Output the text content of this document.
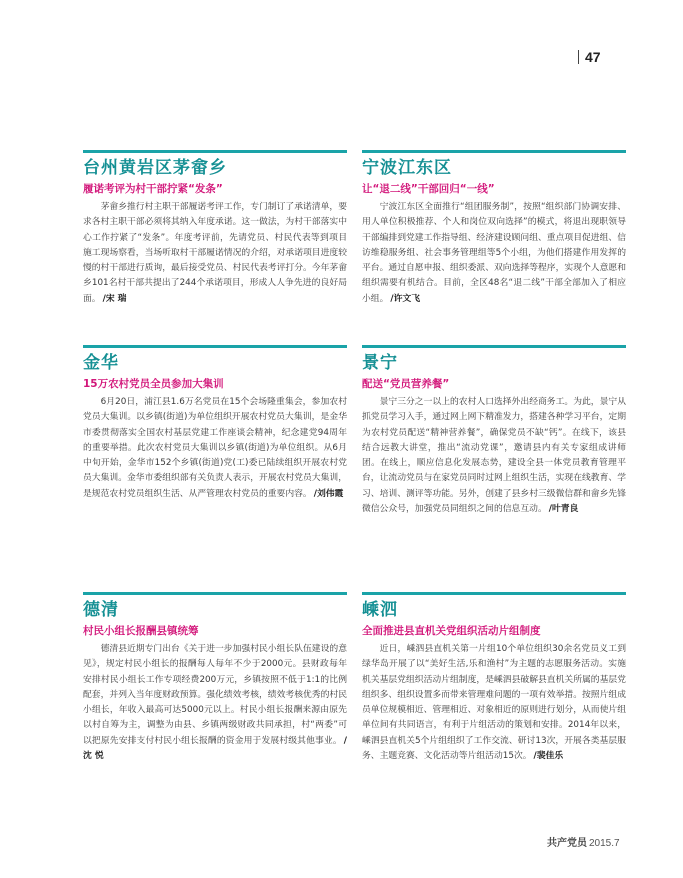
47
台州黄岩区茅畲乡
履诺考评为村干部拧紧“发条”

茅畲乡推行村主职干部履诺考评工作，专门制订了承诺清单，要求各村主职干部必须将其纳入年度承诺。这一做法，为村干部落实中心工作拧紧了“发条”。年度考评前，先请党员、村民代表等到项目施工现场察看，当场听取村干部履诺情况的介绍，对承诺项目进度较慢的村干部进行质询，最后接受党员、村民代表考评打分。今年茅畲乡101名村干部共提出了244个承诺项目，形成人人争先进的良好局面。 /宋 瑞

金华
15万农村党员全员参加大集训

6月20日，浦江县1.6万名党员在15个会场隆重集会，参加农村党员大集训。以乡镇(街道)为单位组织开展农村党员大集训，是金华市委贯彻落实全国农村基层党建工作座谈会精神，纪念建党94周年的重要举措。此次农村党员大集训以乡镇(街道)为单位组织。从6月中旬开始，金华市152个乡镇(街道)党(工)委已陆续组织开展农村党员大集训。金华市委组织部有关负责人表示，开展农村党员大集训，是规范农村党员组织生活、从严管理农村党员的重要内容。 /刘伟霞

德清
村民小组长报酬县镇统筹

德清县近期专门出台《关于进一步加强村民小组长队伍建设的意见》，规定村民小组长的报酬每人每年不少于2000元。县财政每年安排村民小组长工作专项经费200万元，乡镇按照不低于1:1的比例配套，并列入当年度财政预算。强化绩效考核，绩效考核优秀的村民小组长，年收入最高可达5000元以上。村民小组长报酬来源由原先以村自筹为主，调整为由县、乡镇两级财政共同承担，村“两委”可以把原先安排支付村民小组长报酬的资金用于发展村级其他事业。 /沈 悦

宁波江东区
让“退二线”干部回归“一线”

宁波江东区全面推行“组团服务制”，按照“组织部门协调安排、用人单位积极推荐、个人和岗位双向选择”的模式，将退出现职领导干部编排到党建工作指导组、经济建设顾问组、重点项目促进组、信访维稳服务组、社会事务管理组等5个小组，为他们搭建作用发挥的平台。通过自愿申报、组织委派、双向选择等程序，实现个人意愿和组织需要有机结合。目前，全区48名“退二线”干部全部加入了相应小组。 /许文飞

景宁
配送“党员营养餐”

景宁三分之一以上的农村人口选择外出经商务工。为此，景宁从抓党员学习入手，通过网上网下精准发力，搭建各种学习平台，定期为农村党员配送“精神营养餐”，确保党员不缺“钙”。在线下，该县结合远教大讲堂，推出“流动党课”，邀请县内有关专家组成讲师团。在线上，顺应信息化发展态势，建设全县一体党员教育管理平台，让流动党员与在家党员同时过网上组织生活，实现在线教育、学习、培训、测评等功能。另外，创建了县乡村三级微信群和畲乡先锋微信公众号，加强党员同组织之间的信息互动。 /叶青良

嵊泗
全面推进县直机关党组织活动片组制度

近日，嵊泗县直机关第一片组10个单位组织30余名党员义工到绿华岛开展了以“美好生活,乐和渔村”为主题的志愿服务活动。实施机关基层党组织活动片组制度，是嵊泗县破解县直机关所属的基层党组织多、组织设置多而带来管理难问题的一项有效举措。按照片组成员单位规模相近、管理相近、对象相近的原则进行划分，从而使片组单位间有共同语言，有利于片组活动的策划和安排。2014年以来，嵊泗县直机关5个片组组织了工作交流、研讨13次，开展各类基层服务、主题竞赛、文化活动等片组活动15次。 /裴佳乐

共产党员 2015.7
